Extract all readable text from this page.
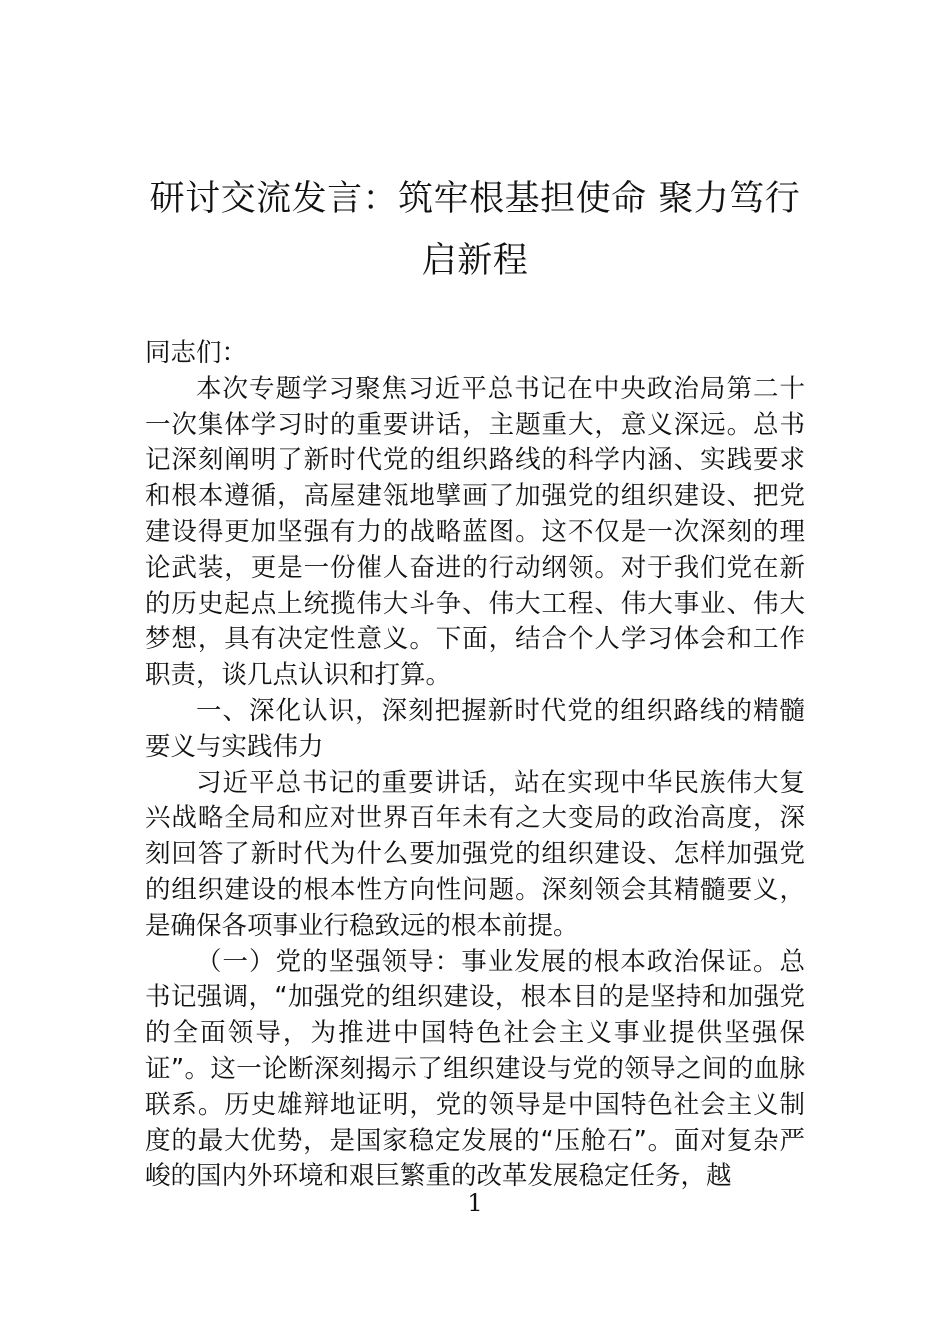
研讨交流发言：筑牢根基担使命 聚力笃行启新程

同志们：

本次专题学习聚焦习近平总书记在中央政治局第二十一次集体学习时的重要讲话，主题重大，意义深远。总书记深刻阐明了新时代党的组织路线的科学内涵、实践要求和根本遵循，高屋建瓴地擘画了加强党的组织建设、把党建设得更加坚强有力的战略蓝图。这不仅是一次深刻的理论武装，更是一份催人奋进的行动纲领。对于我们党在新的历史起点上统揽伟大斗争、伟大工程、伟大事业、伟大梦想，具有决定性意义。下面，结合个人学习体会和工作职责，谈几点认识和打算。

一、深化认识，深刻把握新时代党的组织路线的精髓要义与实践伟力

习近平总书记的重要讲话，站在实现中华民族伟大复兴战略全局和应对世界百年未有之大变局的政治高度，深刻回答了新时代为什么要加强党的组织建设、怎样加强党的组织建设的根本性方向性问题。深刻领会其精髓要义，是确保各项事业行稳致远的根本前提。

（一）党的坚强领导：事业发展的根本政治保证。总书记强调，“加强党的组织建设，根本目的是坚持和加强党的全面领导，为推进中国特色社会主义事业提供坚强保证”。这一论断深刻揭示了组织建设与党的领导之间的血脉联系。历史雄辩地证明，党的领导是中国特色社会主义制度的最大优势，是国家稳定发展的“压舱石”。面对复杂严峻的国内外环境和艰巨繁重的改革发展稳定任务，越

1
